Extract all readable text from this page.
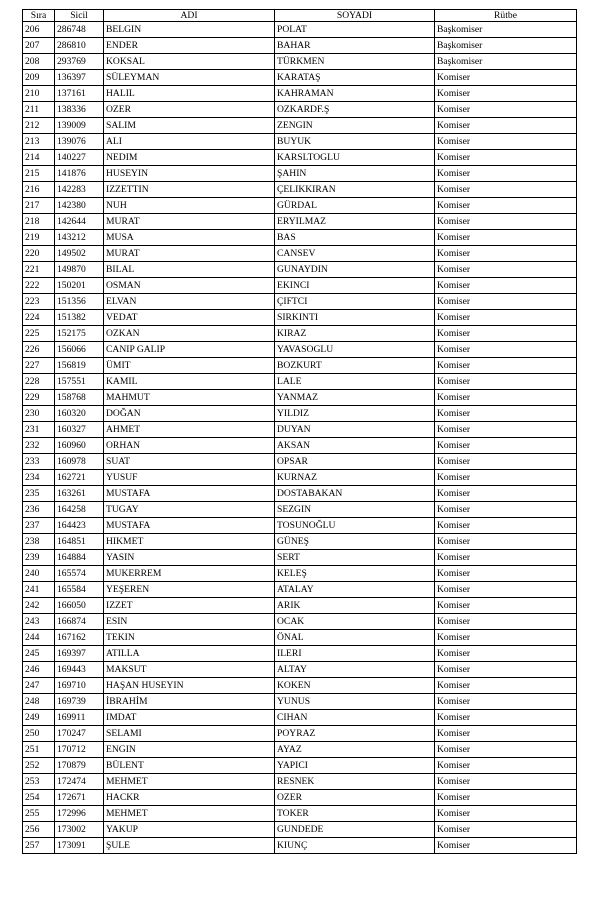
Sıra	Sicil	ADI	SOYADI	Rütbe
206	286748	BELGIN	POLAT	Başkomiser
207	286810	ENDER	BAHAR	Başkomiser
208	293769	KOKSAL	TÜRKMEN	Başkomiser
209	136397	SÜLEYMAN	KARATAŞ	Komiser
210	137161	HALIL	KAHRAMAN	Komiser
211	138336	OZER	OZKARDF.Ş	Komiser
212	139009	SALIM	ZENGIN	Komiser
213	139076	ALI	BUYUK	Komiser
214	140227	NEDIM	KARSLTOGLU	Komiser
215	141876	HUSEYIN	ŞAHIN	Komiser
216	142283	IZZETTIN	ÇELIKKIRAN	Komiser
217	142380	NUH	GÜRDAL	Komiser
218	142644	MURAT	ERYILMAZ	Komiser
219	143212	MUSA	BAS	Komiser
220	149502	MURAT	CANSEV	Komiser
221	149870	BILAL	GUNAYDIN	Komiser
222	150201	OSMAN	EKINCI	Komiser
223	151356	ELVAN	ÇIFTCI	Komiser
224	151382	VEDAT	SIRKINTI	Komiser
225	152175	OZKAN	KIRAZ	Komiser
226	156066	CANIP GALIP	YAVASOGLU	Komiser
227	156819	ÜMIT	BOZKURT	Komiser
228	157551	KAMIL	LALE	Komiser
229	158768	MAHMUT	YANMAZ	Komiser
230	160320	DOĞAN	YILDIZ	Komiser
231	160327	AHMET	DUYAN	Komiser
232	160960	ORHAN	AKSAN	Komiser
233	160978	SUAT	OPSAR	Komiser
234	162721	YUSUF	KURNAZ	Komiser
235	163261	MUSTAFA	DOSTABAKAN	Komiser
236	164258	TUGAY	SEZGIN	Komiser
237	164423	MUSTAFA	TOSUNOĞLU	Komiser
238	164851	HIKMET	GÜNEŞ	Komiser
239	164884	YASIN	SERT	Komiser
240	165574	MUKERREM	KELEŞ	Komiser
241	165584	YEŞEREN	ATALAY	Komiser
242	166050	IZZET	ARIK	Komiser
243	166874	ESIN	OCAK	Komiser
244	167162	TEKIN	ÖNAL	Komiser
245	169397	ATILLA	ILERI	Komiser
246	169443	MAKSUT	ALTAY	Komiser
247	169710	HAŞAN HUSEYIN	KOKEN	Komiser
248	169739	İBRAHİM	YUNUS	Komiser
249	169911	IMDAT	CIHAN	Komiser
250	170247	SELAMI	POYRAZ	Komiser
251	170712	ENGIN	AYAZ	Komiser
252	170879	BÜLENT	YAPICI	Komiser
253	172474	MEHMET	RESNEK	Komiser
254	172671	HACKR	OZER	Komiser
255	172996	MEHMET	TOKER	Komiser
256	173002	YAKUP	GUNDEDE	Komiser
257	173091	ŞULE	KIUNÇ	Komiser
